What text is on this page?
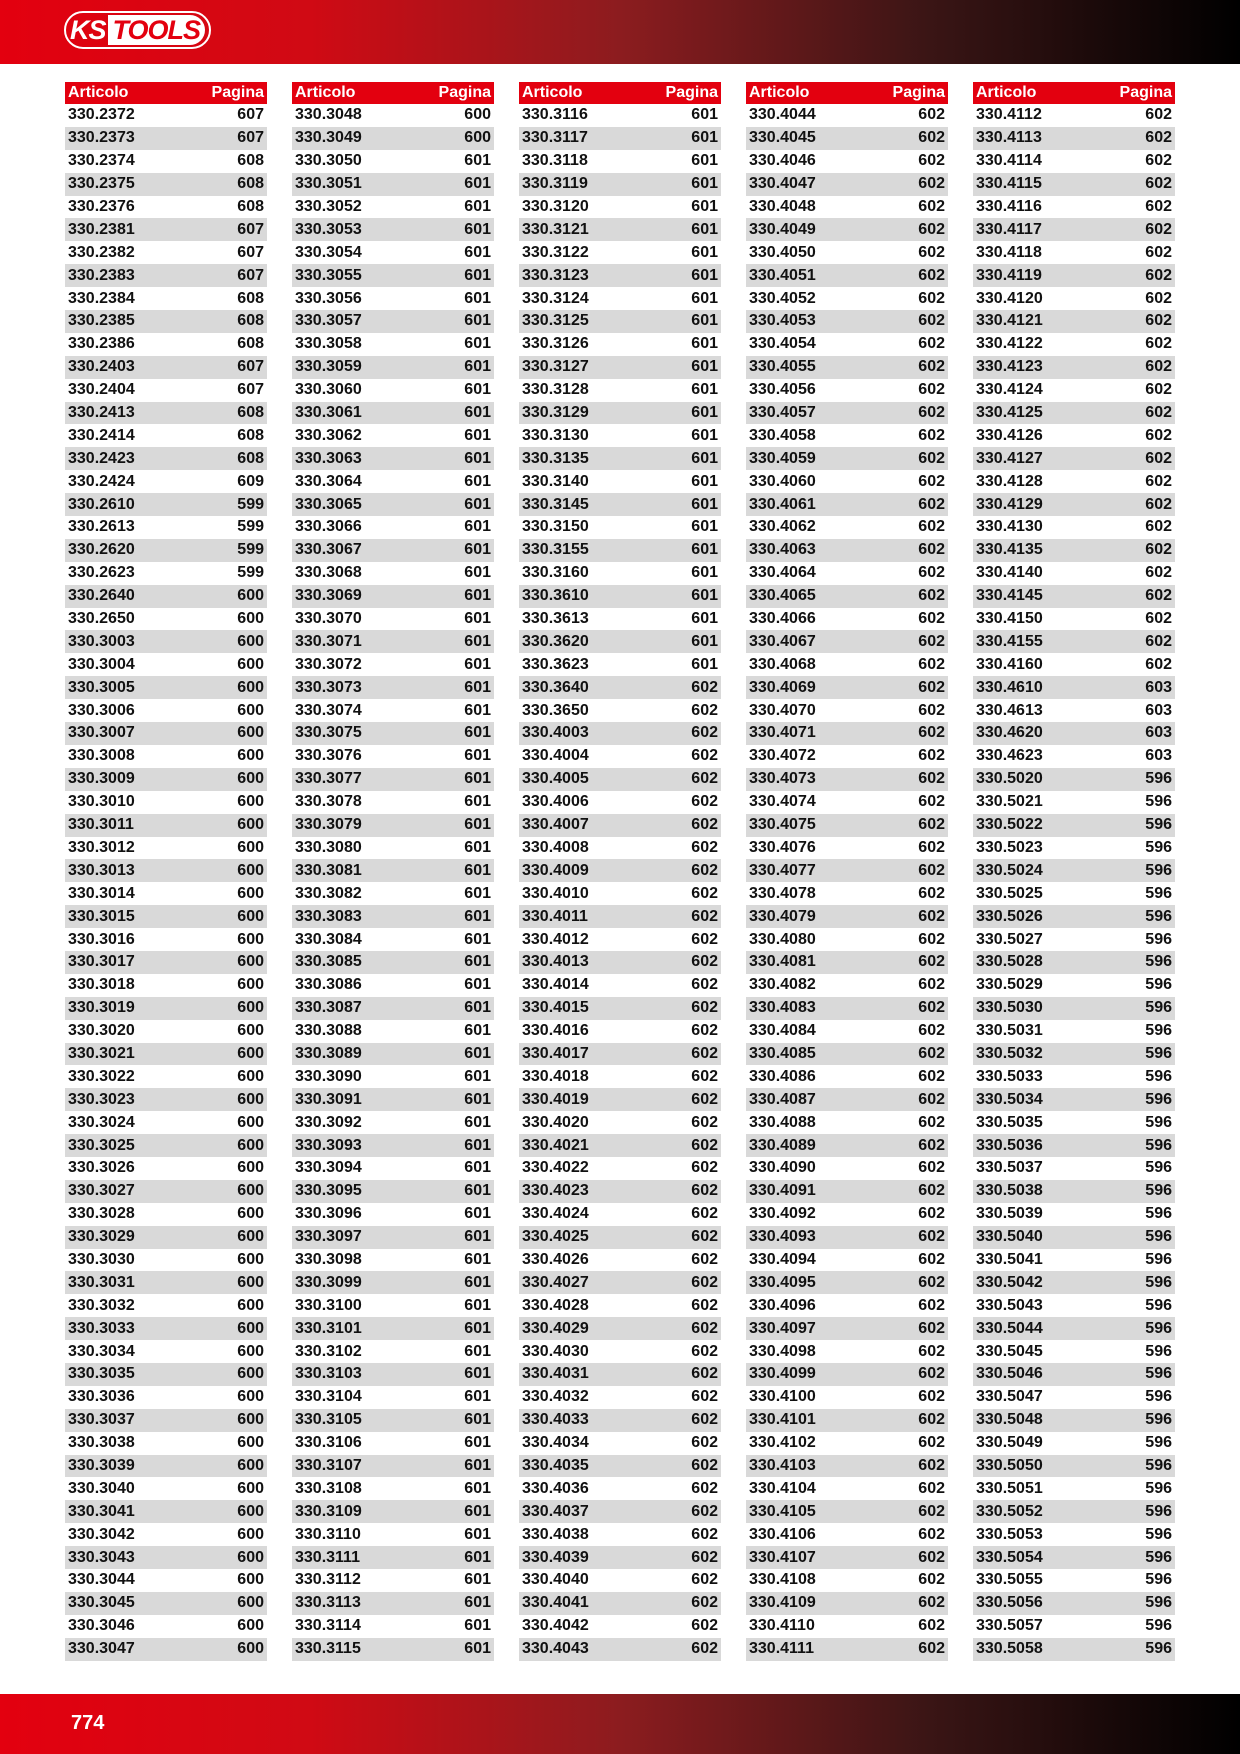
KS TOOLS
Articolo	Pagina
330.2372	607
330.2373	607
330.2374	608
330.2375	608
330.2376	608
330.2381	607
330.2382	607
330.2383	607
330.2384	608
330.2385	608
330.2386	608
330.2403	607
330.2404	607
330.2413	608
330.2414	608
330.2423	608
330.2424	609
330.2610	599
330.2613	599
330.2620	599
330.2623	599
330.2640	600
330.2650	600
330.3003	600
330.3004	600
330.3005	600
330.3006	600
330.3007	600
330.3008	600
330.3009	600
330.3010	600
330.3011	600
330.3012	600
330.3013	600
330.3014	600
330.3015	600
330.3016	600
330.3017	600
330.3018	600
330.3019	600
330.3020	600
330.3021	600
330.3022	600
330.3023	600
330.3024	600
330.3025	600
330.3026	600
330.3027	600
330.3028	600
330.3029	600
330.3030	600
330.3031	600
330.3032	600
330.3033	600
330.3034	600
330.3035	600
330.3036	600
330.3037	600
330.3038	600
330.3039	600
330.3040	600
330.3041	600
330.3042	600
330.3043	600
330.3044	600
330.3045	600
330.3046	600
330.3047	600
Articolo	Pagina
330.3048	600
330.3049	600
330.3050	601
330.3051	601
330.3052	601
330.3053	601
330.3054	601
330.3055	601
330.3056	601
330.3057	601
330.3058	601
330.3059	601
330.3060	601
330.3061	601
330.3062	601
330.3063	601
330.3064	601
330.3065	601
330.3066	601
330.3067	601
330.3068	601
330.3069	601
330.3070	601
330.3071	601
330.3072	601
330.3073	601
330.3074	601
330.3075	601
330.3076	601
330.3077	601
330.3078	601
330.3079	601
330.3080	601
330.3081	601
330.3082	601
330.3083	601
330.3084	601
330.3085	601
330.3086	601
330.3087	601
330.3088	601
330.3089	601
330.3090	601
330.3091	601
330.3092	601
330.3093	601
330.3094	601
330.3095	601
330.3096	601
330.3097	601
330.3098	601
330.3099	601
330.3100	601
330.3101	601
330.3102	601
330.3103	601
330.3104	601
330.3105	601
330.3106	601
330.3107	601
330.3108	601
330.3109	601
330.3110	601
330.3111	601
330.3112	601
330.3113	601
330.3114	601
330.3115	601
Articolo	Pagina
330.3116	601
330.3117	601
330.3118	601
330.3119	601
330.3120	601
330.3121	601
330.3122	601
330.3123	601
330.3124	601
330.3125	601
330.3126	601
330.3127	601
330.3128	601
330.3129	601
330.3130	601
330.3135	601
330.3140	601
330.3145	601
330.3150	601
330.3155	601
330.3160	601
330.3610	601
330.3613	601
330.3620	601
330.3623	601
330.3640	602
330.3650	602
330.4003	602
330.4004	602
330.4005	602
330.4006	602
330.4007	602
330.4008	602
330.4009	602
330.4010	602
330.4011	602
330.4012	602
330.4013	602
330.4014	602
330.4015	602
330.4016	602
330.4017	602
330.4018	602
330.4019	602
330.4020	602
330.4021	602
330.4022	602
330.4023	602
330.4024	602
330.4025	602
330.4026	602
330.4027	602
330.4028	602
330.4029	602
330.4030	602
330.4031	602
330.4032	602
330.4033	602
330.4034	602
330.4035	602
330.4036	602
330.4037	602
330.4038	602
330.4039	602
330.4040	602
330.4041	602
330.4042	602
330.4043	602
Articolo	Pagina
330.4044	602
330.4045	602
330.4046	602
330.4047	602
330.4048	602
330.4049	602
330.4050	602
330.4051	602
330.4052	602
330.4053	602
330.4054	602
330.4055	602
330.4056	602
330.4057	602
330.4058	602
330.4059	602
330.4060	602
330.4061	602
330.4062	602
330.4063	602
330.4064	602
330.4065	602
330.4066	602
330.4067	602
330.4068	602
330.4069	602
330.4070	602
330.4071	602
330.4072	602
330.4073	602
330.4074	602
330.4075	602
330.4076	602
330.4077	602
330.4078	602
330.4079	602
330.4080	602
330.4081	602
330.4082	602
330.4083	602
330.4084	602
330.4085	602
330.4086	602
330.4087	602
330.4088	602
330.4089	602
330.4090	602
330.4091	602
330.4092	602
330.4093	602
330.4094	602
330.4095	602
330.4096	602
330.4097	602
330.4098	602
330.4099	602
330.4100	602
330.4101	602
330.4102	602
330.4103	602
330.4104	602
330.4105	602
330.4106	602
330.4107	602
330.4108	602
330.4109	602
330.4110	602
330.4111	602
Articolo	Pagina
330.4112	602
330.4113	602
330.4114	602
330.4115	602
330.4116	602
330.4117	602
330.4118	602
330.4119	602
330.4120	602
330.4121	602
330.4122	602
330.4123	602
330.4124	602
330.4125	602
330.4126	602
330.4127	602
330.4128	602
330.4129	602
330.4130	602
330.4135	602
330.4140	602
330.4145	602
330.4150	602
330.4155	602
330.4160	602
330.4610	603
330.4613	603
330.4620	603
330.4623	603
330.5020	596
330.5021	596
330.5022	596
330.5023	596
330.5024	596
330.5025	596
330.5026	596
330.5027	596
330.5028	596
330.5029	596
330.5030	596
330.5031	596
330.5032	596
330.5033	596
330.5034	596
330.5035	596
330.5036	596
330.5037	596
330.5038	596
330.5039	596
330.5040	596
330.5041	596
330.5042	596
330.5043	596
330.5044	596
330.5045	596
330.5046	596
330.5047	596
330.5048	596
330.5049	596
330.5050	596
330.5051	596
330.5052	596
330.5053	596
330.5054	596
330.5055	596
330.5056	596
330.5057	596
330.5058	596
774
